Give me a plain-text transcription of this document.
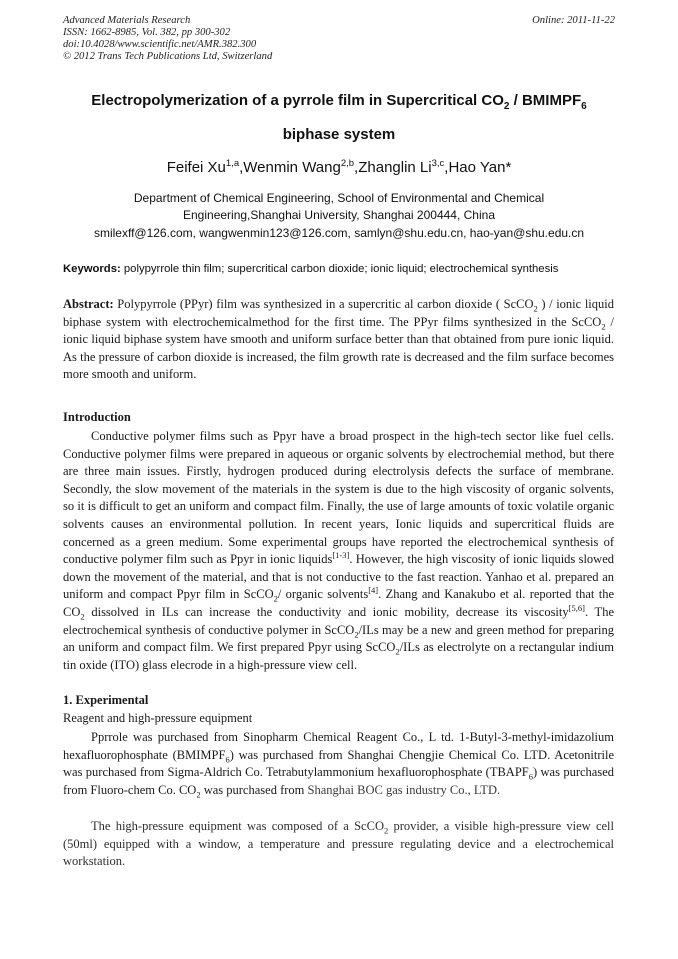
Advanced Materials Research
ISSN: 1662-8985, Vol. 382, pp 300-302
doi:10.4028/www.scientific.net/AMR.382.300
© 2012 Trans Tech Publications Ltd, Switzerland
Online: 2011-11-22
Electropolymerization of a pyrrole film in Supercritical $CO_2$ / $BMIMPF_6$
biphase system
Feifei Xu$^{1,a}$,Wenmin Wang$^{2,b}$,Zhanglin Li$^{3,c}$,Hao Yan*
Department of Chemical Engineering, School of Environmental and Chemical
Engineering,Shanghai University, Shanghai 200444, China
smilexff@126.com, wangwenmin123@126.com, samlyn@shu.edu.cn, hao-yan@shu.edu.cn
Keywords: polypyrrole thin film; supercritical carbon dioxide; ionic liquid; electrochemical synthesis
Abstract: Polypyrrole (PPyr) film was synthesized in a supercritic al carbon dioxide ( ScCO$_2$ ) / ionic liquid biphase system with electrochemicalmethod for the first time. The PPyr films synthesized in the ScCO$_2$ / ionic liquid biphase system have smooth and uniform surface better than that obtained from pure ionic liquid. As the pressure of carbon dioxide is increased, the film growth rate is decreased and the film surface becomes more smooth and uniform.
Introduction
Conductive polymer films such as Ppyr have a broad prospect in the high-tech sector like fuel cells. Conductive polymer films were prepared in aqueous or organic solvents by electrochemial method, but there are three main issues. Firstly, hydrogen produced during electrolysis defects the surface of membrane. Secondly, the slow movement of the materials in the system is due to the high viscosity of organic solvents, so it is difficult to get an uniform and compact film. Finally, the use of large amounts of toxic volatile organic solvents causes an environmental pollution. In recent years, Ionic liquids and supercritical fluids are concerned as a green medium. Some experimental groups have reported the electrochemical synthesis of conductive polymer film such as Ppyr in ionic liquids[1-3]. However, the high viscosity of ionic liquids slowed down the movement of the material, and that is not conductive to the fast reaction. Yanhao et al. prepared an uniform and compact Ppyr film in ScCO$_2$/ organic solvents[4]. Zhang and Kanakubo et al. reported that the $CO_2$ dissolved in ILs can increase the conductivity and ionic mobility, decrease its viscosity[5,6]. The electrochemical synthesis of conductive polymer in ScCO$_2$/ILs may be a new and green method for preparing an uniform and compact film. We first prepared Ppyr using ScCO$_2$/ILs as electrolyte on a rectangular indium tin oxide (ITO) glass elecrode in a high-pressure view cell.
1. Experimental
Reagent and high-pressure equipment
Pprrole was purchased from Sinopharm Chemical Reagent Co., L td. 1-Butyl-3-methyl-imidazolium hexafluorophosphate $(BMIMPF_6)$ was purchased from Shanghai Chengjie Chemical Co. LTD. Acetonitrile was purchased from Sigma-Aldrich Co. Tetrabutylammonium hexafluorophosphate $(TBAPF_6)$ was purchased from Fluoro-chem Co. $CO_2$ was purchased from Shanghai BOC gas industry Co., LTD.
The high-pressure equipment was composed of a ScCO$_2$ provider, a visible high-pressure view cell (50ml) equipped with a window, a temperature and pressure regulating device and a electrochemical workstation.
